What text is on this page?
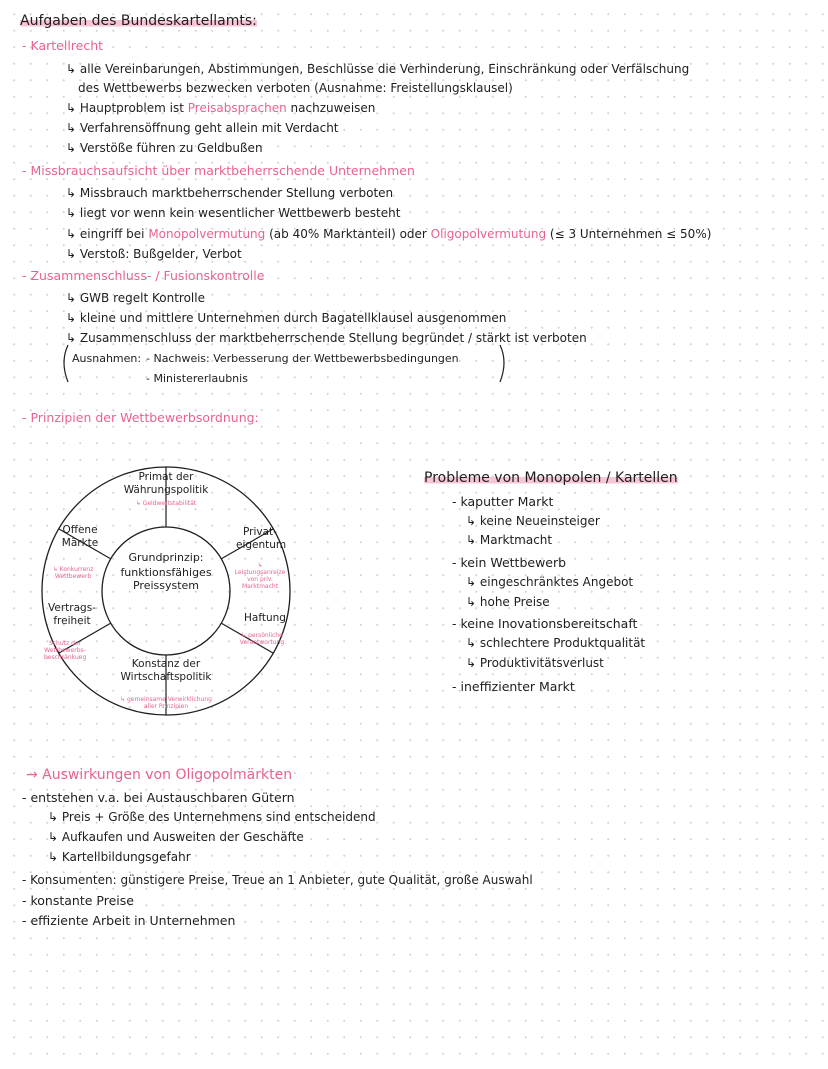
Aufgaben des Bundeskartellamts:
- Kartellrecht
↳ alle Vereinbarungen, Abstimmungen, Beschlüsse die Verhinderung, Einschränkung oder Verfälschung
des Wettbewerbs bezwecken verboten (Ausnahme: Freistellungsklausel)
↳ Hauptproblem ist Preisabsprachen nachzuweisen
↳ Verfahrensöffnung geht allein mit Verdacht
↳ Verstöße führen zu Geldbußen
- Missbrauchsaufsicht über marktbeherrschende Unternehmen
↳ Missbrauch marktbeherrschender Stellung verboten
↳ liegt vor wenn kein wesentlicher Wettbewerb besteht
↳ eingriff bei Monopolvermutung (ab 40% Marktanteil) oder Oligopolvermutung (≤ 3 Unternehmen ≤ 50%)
↳ Verstoß: Bußgelder, Verbot
- Zusammenschluss- / Fusionskontrolle
↳ GWB regelt Kontrolle
↳ kleine und mittlere Unternehmen durch Bagatellklausel ausgenommen
↳ Zusammenschluss der marktbeherrschende Stellung begründet / stärkt ist verboten
Ausnahmen: - Nachweis: Verbesserung der Wettbewerbsbedingungen
- Ministererlaubnis
- Prinzipien der Wettbewerbsordnung:
Primat der Währungspolitik
↳ Geldwertstabilität
Offene Märkte
↳ Konkurrenz Wettbewerb
Privat-eigentum
↳ Leistungsanreize von priv. Marktmacht
Grundprinzip:
funktionsfähiges Preissystem
Vertrags-freiheit
Schutz der Wettbewerbs-beschränkung
Haftung
↳ persönliche Verantwortung
Konstanz der Wirtschaftspolitik
↳ gemeinsame Verwirklichung aller Prinzipien
Probleme von Monopolen / Kartellen
- kaputter Markt
↳ keine Neueinsteiger
↳ Marktmacht
- kein Wettbewerb
↳ eingeschränktes Angebot
↳ hohe Preise
- keine Inovationsbereitschaft
↳ schlechtere Produktqualität
↳ Produktivitätsverlust
- ineffizienter Markt
→ Auswirkungen von Oligopolmärkten
- entstehen v.a. bei Austauschbaren Gütern
↳ Preis + Größe des Unternehmens sind entscheidend
↳ Aufkaufen und Ausweiten der Geschäfte
↳ Kartellbildungsgefahr
- Konsumenten: günstigere Preise, Treue an 1 Anbieter, gute Qualität, große Auswahl
- konstante Preise
- effiziente Arbeit in Unternehmen
